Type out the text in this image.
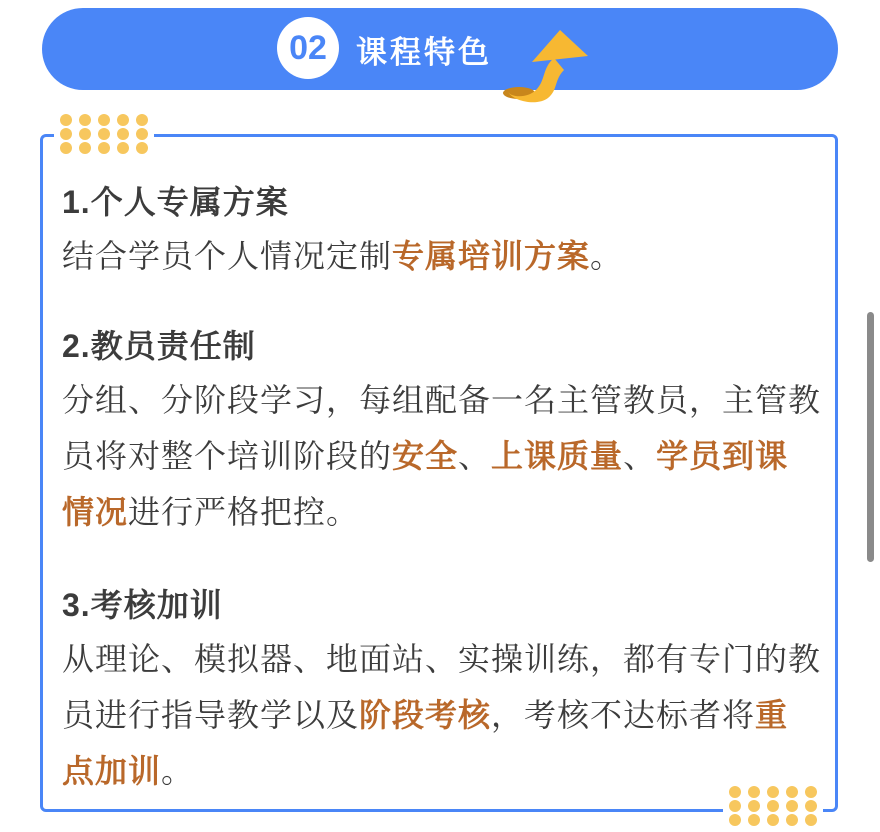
02 课程特色
1.个人专属方案

结合学员个人情况定制专属培训方案。

2.教员责任制

分组、分阶段学习，每组配备一名主管教员，主管教员将对整个培训阶段的安全、上课质量、学员到课情况进行严格把控。

3.考核加训

从理论、模拟器、地面站、实操训练，都有专门的教员进行指导教学以及阶段考核，考核不达标者将重点加训。
